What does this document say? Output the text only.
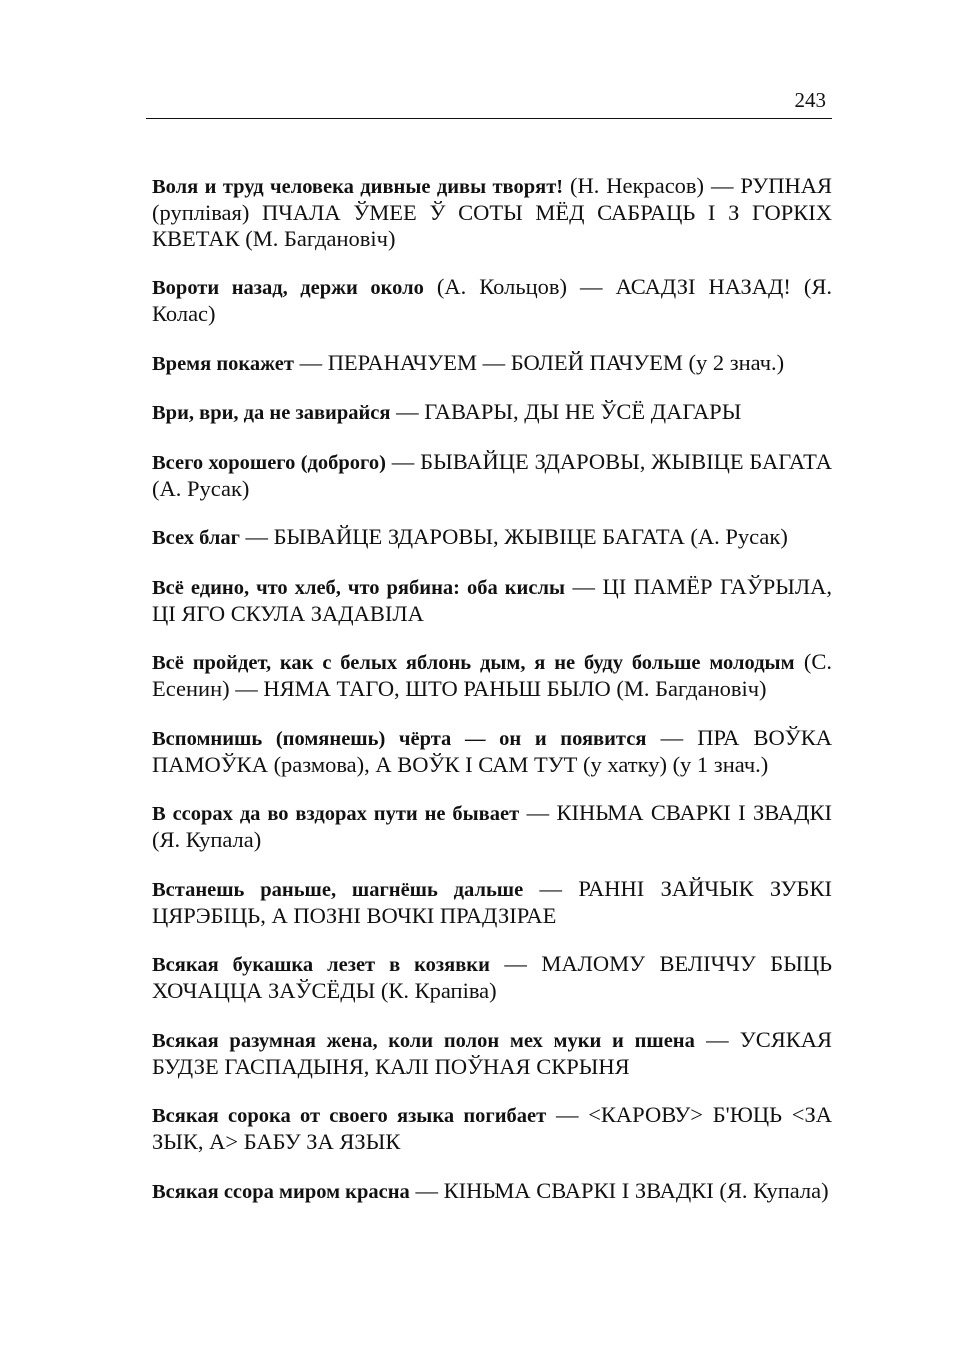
243

Воля и труд человека дивные дивы творят! (Н. Некрасов) — РУПНАЯ (руплівая) ПЧАЛА ЎМЕЕ Ў СОТЫ МЁД САБРАЦЬ І З ГОРКІХ КВЕТАК (М. Багдановіч)

Вороти назад, держи около (А. Кольцов) — АСАДЗІ НАЗАД! (Я. Колас)

Время покажет — ПЕРАНАЧУЕМ — БОЛЕЙ ПАЧУЕМ (у 2 знач.)

Ври, ври, да не завирайся — ГАВАРЫ, ДЫ НЕ ЎСЁ ДАГАРЫ

Всего хорошего (доброго) — БЫВАЙЦЕ ЗДАРОВЫ, ЖЫВІЦЕ БАГАТА (А. Русак)

Всех благ — БЫВАЙЦЕ ЗДАРОВЫ, ЖЫВІЦЕ БАГАТА (А. Русак)

Всё едино, что хлеб, что рябина: оба кислы — ЦІ ПАМЁР ГАЎРЫЛА, ЦІ ЯГО СКУЛА ЗАДАВІЛА

Всё пройдет, как с белых яблонь дым, я не буду больше молодым (С. Есенин) — НЯМА ТАГО, ШТО РАНЬШ БЫЛО (М. Багдановіч)

Вспомнишь (помянешь) чёрта — он и появится — ПРА ВОЎКА ПАМОЎКА (размова), А ВОЎК І САМ ТУТ (у хатку) (у 1 знач.)

В ссорах да во вздорах пути не бывает — КІНЬМА СВАРКІ І ЗВАДКІ (Я. Купала)

Встанешь раньше, шагнёшь дальше — РАННІ ЗАЙЧЫК ЗУБКІ ЦЯРЭБІЦЬ, А ПОЗНІ ВОЧКІ ПРАДЗІРАЕ

Всякая букашка лезет в козявки — МАЛОМУ ВЕЛІЧЧУ БЫЦЬ ХОЧАЦЦА ЗАЎСЁДЫ (К. Крапіва)

Всякая разумная жена, коли полон мех муки и пшена — УСЯКАЯ БУДЗЕ ГАСПАДЫНЯ, КАЛІ ПОЎНАЯ СКРЫНЯ

Всякая сорока от своего языка погибает — <КАРОВУ> Б'ЮЦЬ <ЗА ЗЫК, А> БАБУ ЗА ЯЗЫК

Всякая ссора миром красна — КІНЬМА СВАРКІ І ЗВАДКІ (Я. Купала)
